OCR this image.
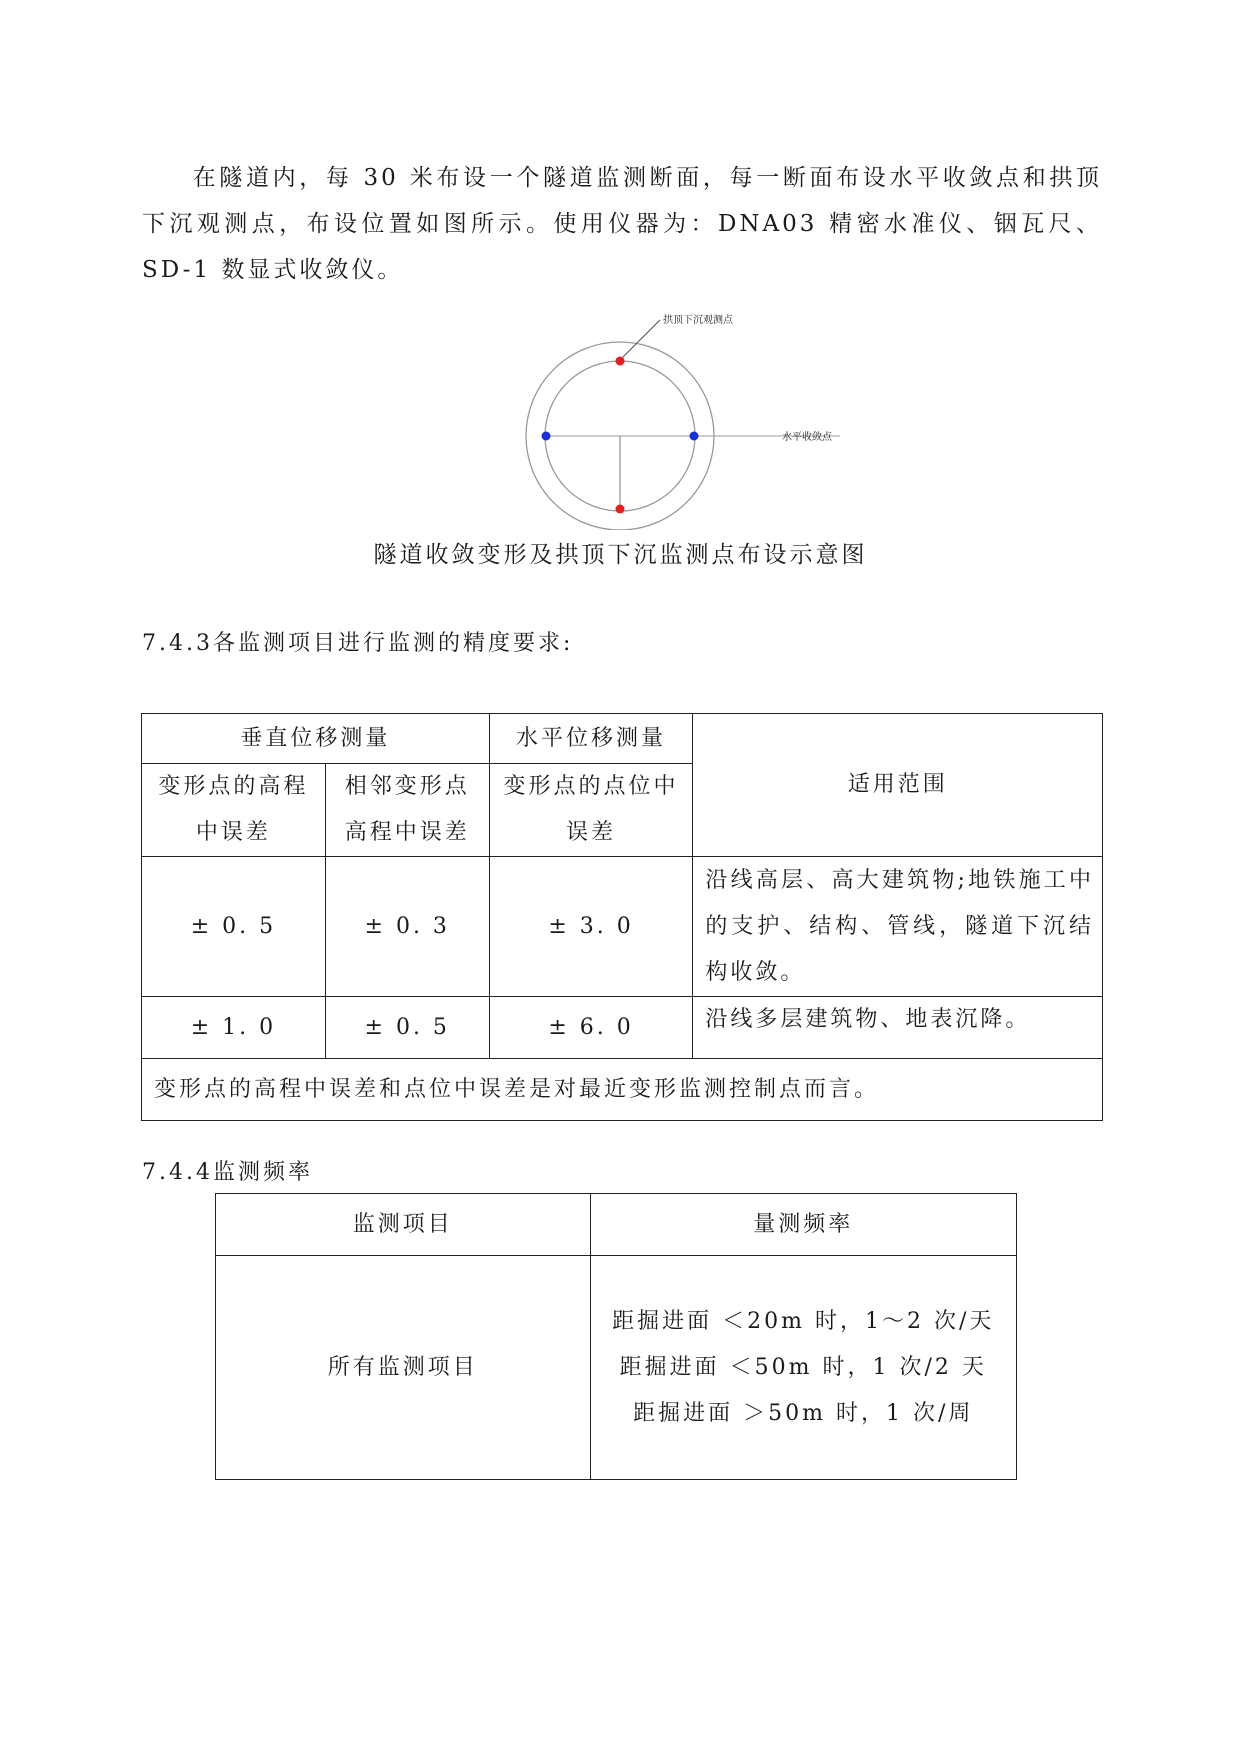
在隧道内，每 30 米布设一个隧道监测断面，每一断面布设水平收敛点和拱顶下沉观测点，布设位置如图所示。使用仪器为：DNA03 精密水准仪、铟瓦尺、SD-1 数显式收敛仪。
拱顶下沉观测点
水平收敛点
隧道收敛变形及拱顶下沉监测点布设示意图
7.4.3各监测项目进行监测的精度要求:
垂直位移测量		水平位移测量	适用范围
变形点的高程中误差	相邻变形点高程中误差	变形点的点位中误差	
± 0. 5	± 0. 3	± 3. 0	沿线高层、高大建筑物;地铁施工中的支护、结构、管线，隧道下沉结构收敛。
± 1. 0	± 0. 5	± 6. 0	沿线多层建筑物、地表沉降。
变形点的高程中误差和点位中误差是对最近变形监测控制点而言。			
7.4.4监测频率
监测项目	量测频率
所有监测项目	距掘进面 ＜20m 时，1～2 次/天
距掘进面 ＜50m 时，1 次/2 天
距掘进面 ＞50m 时，1 次/周
